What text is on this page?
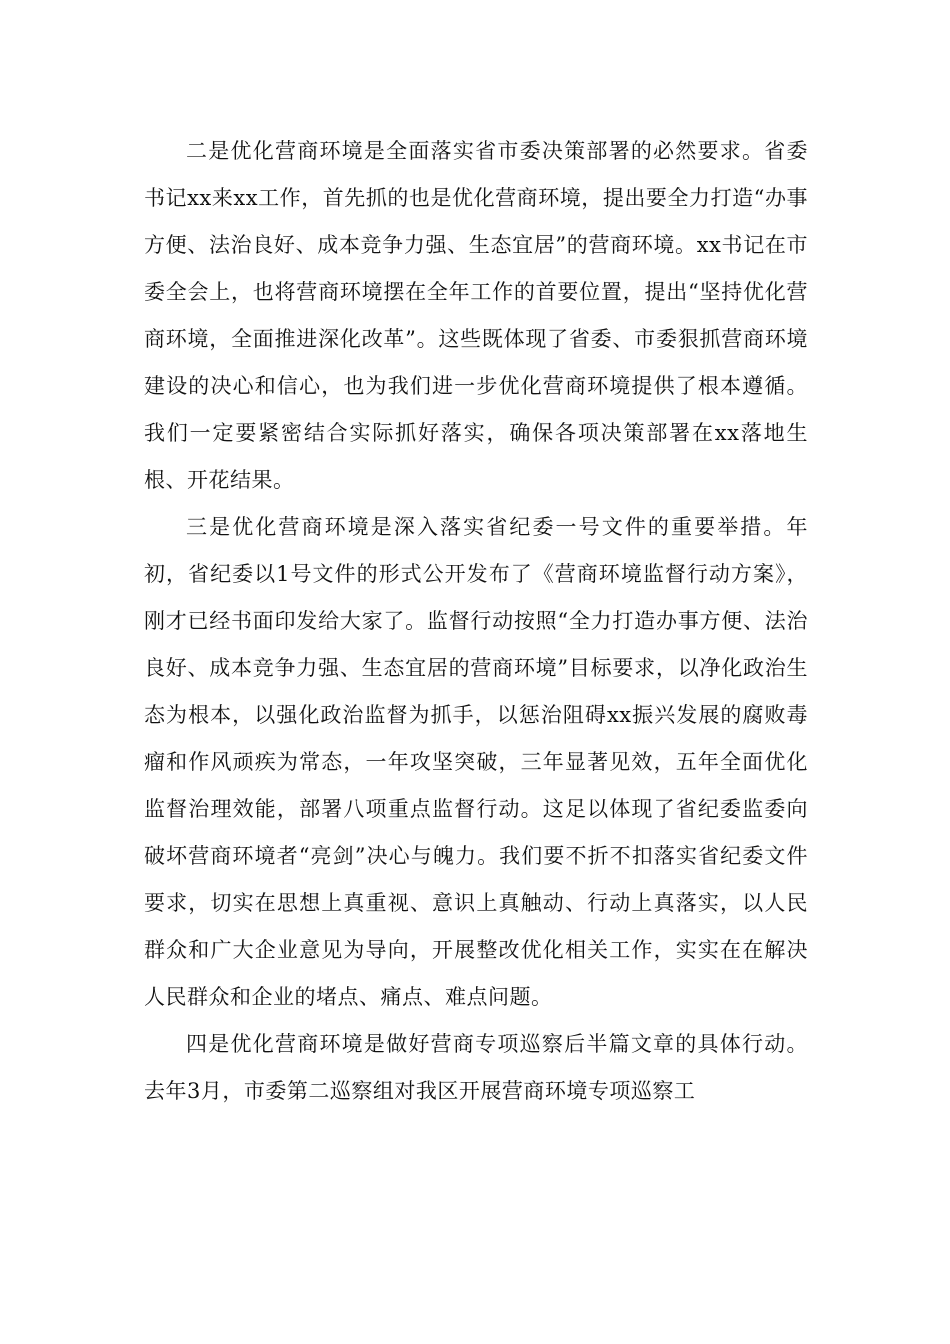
二是优化营商环境是全面落实省市委决策部署的必然要求。省委书记xx来xx工作，首先抓的也是优化营商环境，提出要全力打造“办事方便、法治良好、成本竞争力强、生态宜居”的营商环境。xx书记在市委全会上，也将营商环境摆在全年工作的首要位置，提出“坚持优化营商环境，全面推进深化改革”。这些既体现了省委、市委狠抓营商环境建设的决心和信心，也为我们进一步优化营商环境提供了根本遵循。我们一定要紧密结合实际抓好落实，确保各项决策部署在xx落地生根、开花结果。

三是优化营商环境是深入落实省纪委一号文件的重要举措。年初，省纪委以1号文件的形式公开发布了《营商环境监督行动方案》，刚才已经书面印发给大家了。监督行动按照“全力打造办事方便、法治良好、成本竞争力强、生态宜居的营商环境”目标要求，以净化政治生态为根本，以强化政治监督为抓手，以惩治阻碍xx振兴发展的腐败毒瘤和作风顽疾为常态，一年攻坚突破，三年显著见效，五年全面优化监督治理效能，部署八项重点监督行动。这足以体现了省纪委监委向破坏营商环境者“亮剑”决心与魄力。我们要不折不扣落实省纪委文件要求，切实在思想上真重视、意识上真触动、行动上真落实，以人民群众和广大企业意见为导向，开展整改优化相关工作，实实在在解决人民群众和企业的堵点、痛点、难点问题。

四是优化营商环境是做好营商专项巡察后半篇文章的具体行动。去年3月，市委第二巡察组对我区开展营商环境专项巡察工
